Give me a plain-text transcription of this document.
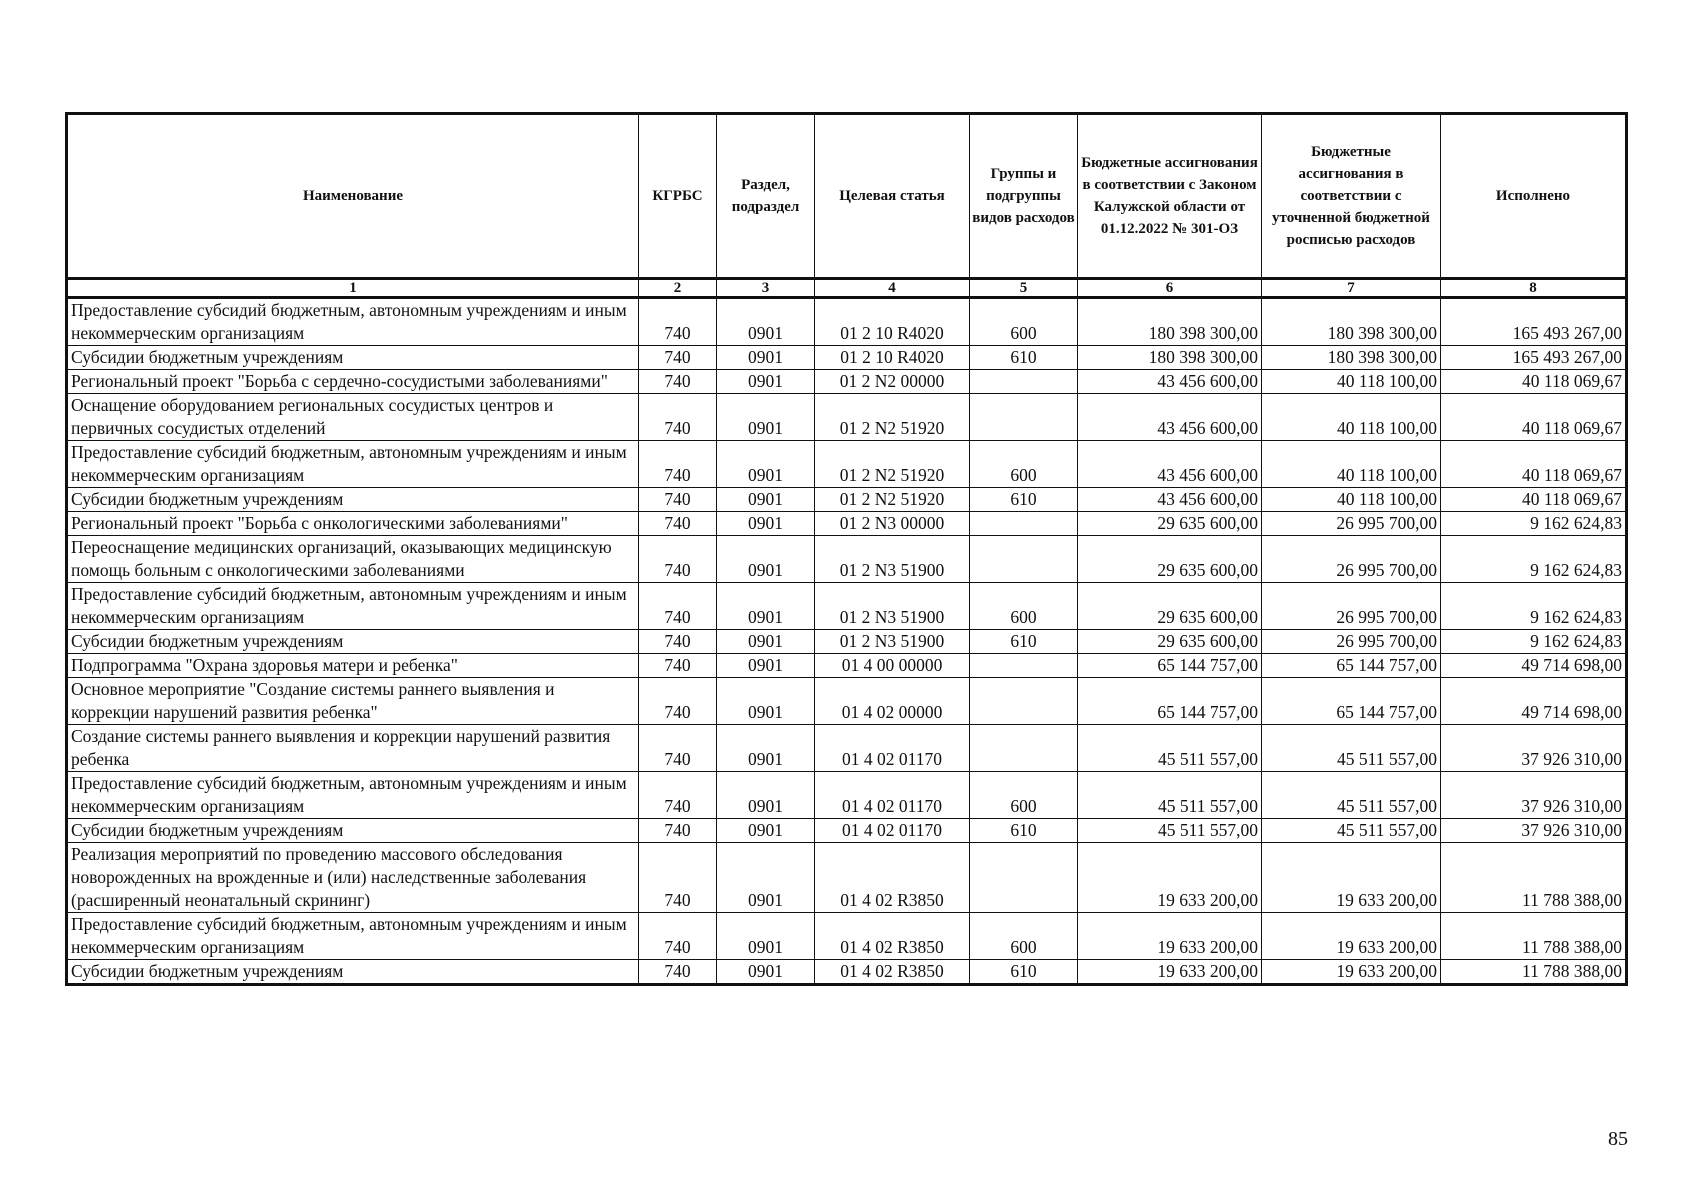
Наименование	КГРБС	Раздел, подраздел	Целевая статья	Группы и подгруппы видов расходов	Бюджетные ассигнования в соответствии с Законом Калужской области от 01.12.2022 № 301-ОЗ	Бюджетные ассигнования в соответствии с уточненной бюджетной росписью расходов	Исполнено
1	2	3	4	5	6	7	8
Предоставление субсидий бюджетным, автономным учреждениям и иным некоммерческим организациям	740	0901	01 2 10 R4020	600	180 398 300,00	180 398 300,00	165 493 267,00
Субсидии бюджетным учреждениям	740	0901	01 2 10 R4020	610	180 398 300,00	180 398 300,00	165 493 267,00
Региональный проект "Борьба с сердечно-сосудистыми заболеваниями"	740	0901	01 2 N2 00000		43 456 600,00	40 118 100,00	40 118 069,67
Оснащение оборудованием региональных сосудистых центров и первичных сосудистых отделений	740	0901	01 2 N2 51920		43 456 600,00	40 118 100,00	40 118 069,67
Предоставление субсидий бюджетным, автономным учреждениям и иным некоммерческим организациям	740	0901	01 2 N2 51920	600	43 456 600,00	40 118 100,00	40 118 069,67
Субсидии бюджетным учреждениям	740	0901	01 2 N2 51920	610	43 456 600,00	40 118 100,00	40 118 069,67
Региональный проект "Борьба с онкологическими заболеваниями"	740	0901	01 2 N3 00000		29 635 600,00	26 995 700,00	9 162 624,83
Переоснащение медицинских организаций, оказывающих медицинскую помощь больным с онкологическими заболеваниями	740	0901	01 2 N3 51900		29 635 600,00	26 995 700,00	9 162 624,83
Предоставление субсидий бюджетным, автономным учреждениям и иным некоммерческим организациям	740	0901	01 2 N3 51900	600	29 635 600,00	26 995 700,00	9 162 624,83
Субсидии бюджетным учреждениям	740	0901	01 2 N3 51900	610	29 635 600,00	26 995 700,00	9 162 624,83
Подпрограмма "Охрана здоровья матери и ребенка"	740	0901	01 4 00 00000		65 144 757,00	65 144 757,00	49 714 698,00
Основное мероприятие "Создание системы раннего выявления и коррекции нарушений развития ребенка"	740	0901	01 4 02 00000		65 144 757,00	65 144 757,00	49 714 698,00
Создание системы раннего выявления и коррекции нарушений развития ребенка	740	0901	01 4 02 01170		45 511 557,00	45 511 557,00	37 926 310,00
Предоставление субсидий бюджетным, автономным учреждениям и иным некоммерческим организациям	740	0901	01 4 02 01170	600	45 511 557,00	45 511 557,00	37 926 310,00
Субсидии бюджетным учреждениям	740	0901	01 4 02 01170	610	45 511 557,00	45 511 557,00	37 926 310,00
Реализация мероприятий по проведению массового обследования новорожденных на врожденные и (или) наследственные заболевания (расширенный неонатальный скрининг)	740	0901	01 4 02 R3850		19 633 200,00	19 633 200,00	11 788 388,00
Предоставление субсидий бюджетным, автономным учреждениям и иным некоммерческим организациям	740	0901	01 4 02 R3850	600	19 633 200,00	19 633 200,00	11 788 388,00
Субсидии бюджетным учреждениям	740	0901	01 4 02 R3850	610	19 633 200,00	19 633 200,00	11 788 388,00
85
